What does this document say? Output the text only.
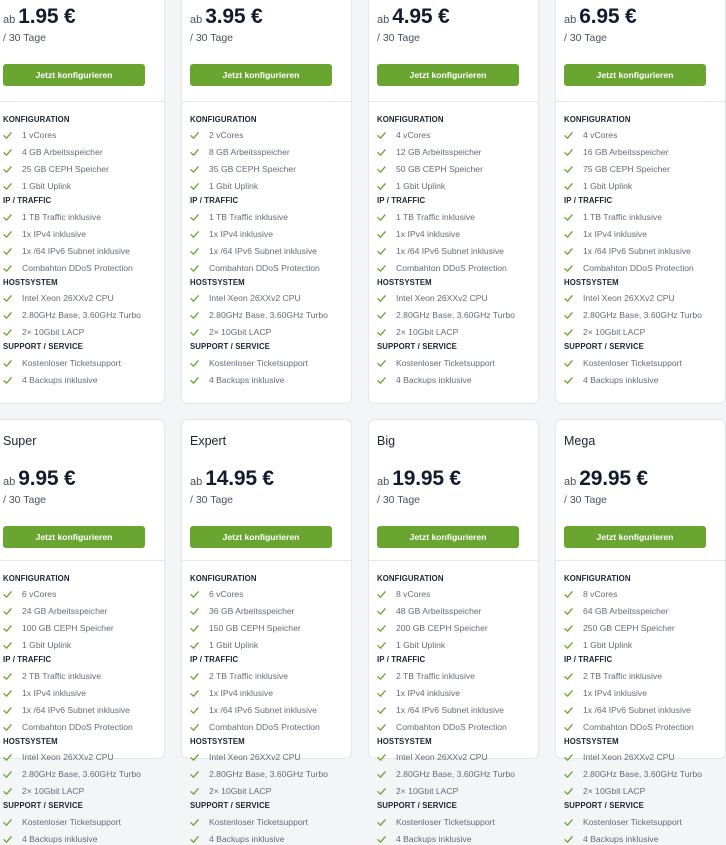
ab 1.95 €
/ 30 Tage
Jetzt konfigurieren
KONFIGURATION
1 vCores
4 GB Arbeitsspeicher
25 GB CEPH Speicher
1 Gbit Uplink
IP / TRAFFIC
1 TB Traffic inklusive
1x IPv4 inklusive
1x /64 IPv6 Subnet inklusive
Combahton DDoS Protection
HOSTSYSTEM
Intel Xeon 26XXv2 CPU
2.80GHz Base, 3.60GHz Turbo
2× 10Gbit LACP
SUPPORT / SERVICE
Kostenloser Ticketsupport
4 Backups inklusive
ab 3.95 €
/ 30 Tage
Jetzt konfigurieren
KONFIGURATION
2 vCores
8 GB Arbeitsspeicher
35 GB CEPH Speicher
1 Gbit Uplink
IP / TRAFFIC
1 TB Traffic inklusive
1x IPv4 inklusive
1x /64 IPv6 Subnet inklusive
Combahton DDoS Protection
HOSTSYSTEM
Intel Xeon 26XXv2 CPU
2.80GHz Base, 3.60GHz Turbo
2× 10Gbit LACP
SUPPORT / SERVICE
Kostenloser Ticketsupport
4 Backups inklusive
ab 4.95 €
/ 30 Tage
Jetzt konfigurieren
KONFIGURATION
4 vCores
12 GB Arbeitsspeicher
50 GB CEPH Speicher
1 Gbit Uplink
IP / TRAFFIC
1 TB Traffic inklusive
1x IPv4 inklusive
1x /64 IPv6 Subnet inklusive
Combahton DDoS Protection
HOSTSYSTEM
Intel Xeon 26XXv2 CPU
2.80GHz Base, 3.60GHz Turbo
2× 10Gbit LACP
SUPPORT / SERVICE
Kostenloser Ticketsupport
4 Backups inklusive
ab 6.95 €
/ 30 Tage
Jetzt konfigurieren
KONFIGURATION
4 vCores
16 GB Arbeitsspeicher
75 GB CEPH Speicher
1 Gbit Uplink
IP / TRAFFIC
1 TB Traffic inklusive
1x IPv4 inklusive
1x /64 IPv6 Subnet inklusive
Combahton DDoS Protection
HOSTSYSTEM
Intel Xeon 26XXv2 CPU
2.80GHz Base, 3.60GHz Turbo
2× 10Gbit LACP
SUPPORT / SERVICE
Kostenloser Ticketsupport
4 Backups inklusive
Super
ab 9.95 €
/ 30 Tage
Jetzt konfigurieren
KONFIGURATION
6 vCores
24 GB Arbeitsspeicher
100 GB CEPH Speicher
1 Gbit Uplink
IP / TRAFFIC
2 TB Traffic inklusive
1x IPv4 inklusive
1x /64 IPv6 Subnet inklusive
Combahton DDoS Protection
HOSTSYSTEM
Intel Xeon 26XXv2 CPU
2.80GHz Base, 3.60GHz Turbo
2× 10Gbit LACP
SUPPORT / SERVICE
Kostenloser Ticketsupport
4 Backups inklusive
Expert
ab 14.95 €
/ 30 Tage
Jetzt konfigurieren
KONFIGURATION
6 vCores
36 GB Arbeitsspeicher
150 GB CEPH Speicher
1 Gbit Uplink
IP / TRAFFIC
2 TB Traffic inklusive
1x IPv4 inklusive
1x /64 IPv6 Subnet inklusive
Combahton DDoS Protection
HOSTSYSTEM
Intel Xeon 26XXv2 CPU
2.80GHz Base, 3.60GHz Turbo
2× 10Gbit LACP
SUPPORT / SERVICE
Kostenloser Ticketsupport
4 Backups inklusive
Big
ab 19.95 €
/ 30 Tage
Jetzt konfigurieren
KONFIGURATION
8 vCores
48 GB Arbeitsspeicher
200 GB CEPH Speicher
1 Gbit Uplink
IP / TRAFFIC
2 TB Traffic inklusive
1x IPv4 inklusive
1x /64 IPv6 Subnet inklusive
Combahton DDoS Protection
HOSTSYSTEM
Intel Xeon 26XXv2 CPU
2.80GHz Base, 3.60GHz Turbo
2× 10Gbit LACP
SUPPORT / SERVICE
Kostenloser Ticketsupport
4 Backups inklusive
Mega
ab 29.95 €
/ 30 Tage
Jetzt konfigurieren
KONFIGURATION
8 vCores
64 GB Arbeitsspeicher
250 GB CEPH Speicher
1 Gbit Uplink
IP / TRAFFIC
2 TB Traffic inklusive
1x IPv4 inklusive
1x /64 IPv6 Subnet inklusive
Combahton DDoS Protection
HOSTSYSTEM
Intel Xeon 26XXv2 CPU
2.80GHz Base, 3.60GHz Turbo
2× 10Gbit LACP
SUPPORT / SERVICE
Kostenloser Ticketsupport
4 Backups inklusive
